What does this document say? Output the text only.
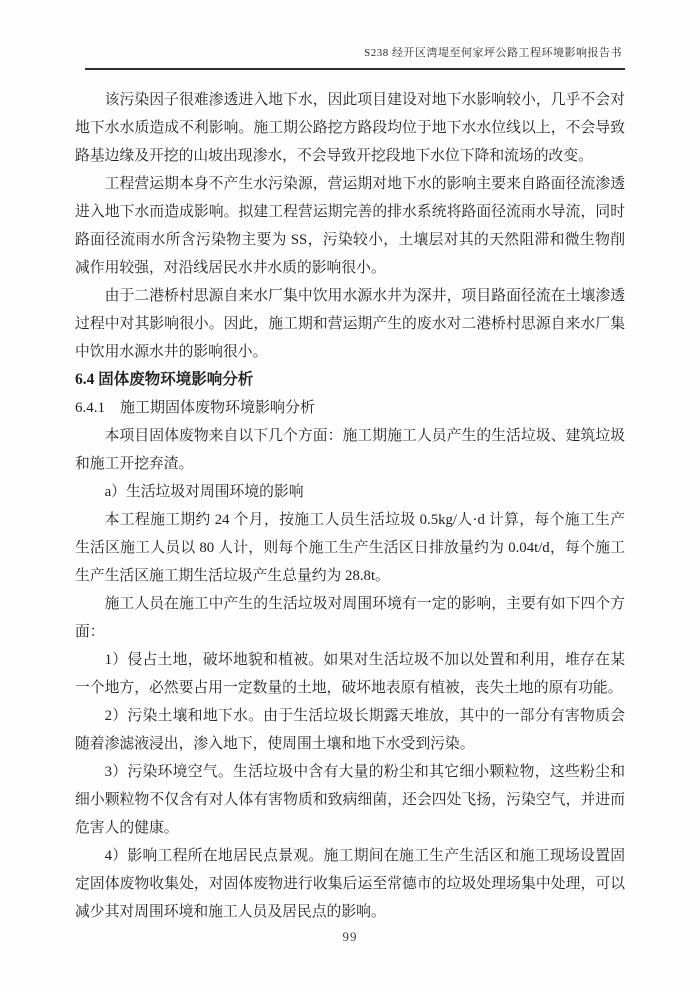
S238 经开区湾堤至何家坪公路工程环境影响报告书

该污染因子很难渗透进入地下水，因此项目建设对地下水影响较小，几乎不会对地下水水质造成不利影响。施工期公路挖方路段均位于地下水水位线以上，不会导致路基边缘及开挖的山坡出现渗水，不会导致开挖段地下水位下降和流场的改变。

工程营运期本身不产生水污染源，营运期对地下水的影响主要来自路面径流渗透进入地下水而造成影响。拟建工程营运期完善的排水系统将路面径流雨水导流，同时路面径流雨水所含污染物主要为 SS，污染较小，土壤层对其的天然阻滞和微生物削减作用较强，对沿线居民水井水质的影响很小。

由于二港桥村思源自来水厂集中饮用水源水井为深井，项目路面径流在土壤渗透过程中对其影响很小。因此，施工期和营运期产生的废水对二港桥村思源自来水厂集中饮用水源水井的影响很小。

6.4 固体废物环境影响分析

6.4.1　施工期固体废物环境影响分析

本项目固体废物来自以下几个方面：施工期施工人员产生的生活垃圾、建筑垃圾和施工开挖弃渣。

a）生活垃圾对周围环境的影响

本工程施工期约 24 个月，按施工人员生活垃圾 0.5kg/人·d 计算，每个施工生产生活区施工人员以 80 人计，则每个施工生产生活区日排放量约为 0.04t/d，每个施工生产生活区施工期生活垃圾产生总量约为 28.8t。

施工人员在施工中产生的生活垃圾对周围环境有一定的影响，主要有如下四个方面：

1）侵占土地，破坏地貌和植被。如果对生活垃圾不加以处置和利用，堆存在某一个地方，必然要占用一定数量的土地，破坏地表原有植被，丧失土地的原有功能。

2）污染土壤和地下水。由于生活垃圾长期露天堆放，其中的一部分有害物质会随着渗滤液浸出，渗入地下，使周围土壤和地下水受到污染。

3）污染环境空气。生活垃圾中含有大量的粉尘和其它细小颗粒物，这些粉尘和细小颗粒物不仅含有对人体有害物质和致病细菌，还会四处飞扬，污染空气，并进而危害人的健康。

4）影响工程所在地居民点景观。施工期间在施工生产生活区和施工现场设置固定固体废物收集处，对固体废物进行收集后运至常德市的垃圾处理场集中处理，可以减少其对周围环境和施工人员及居民点的影响。

99
